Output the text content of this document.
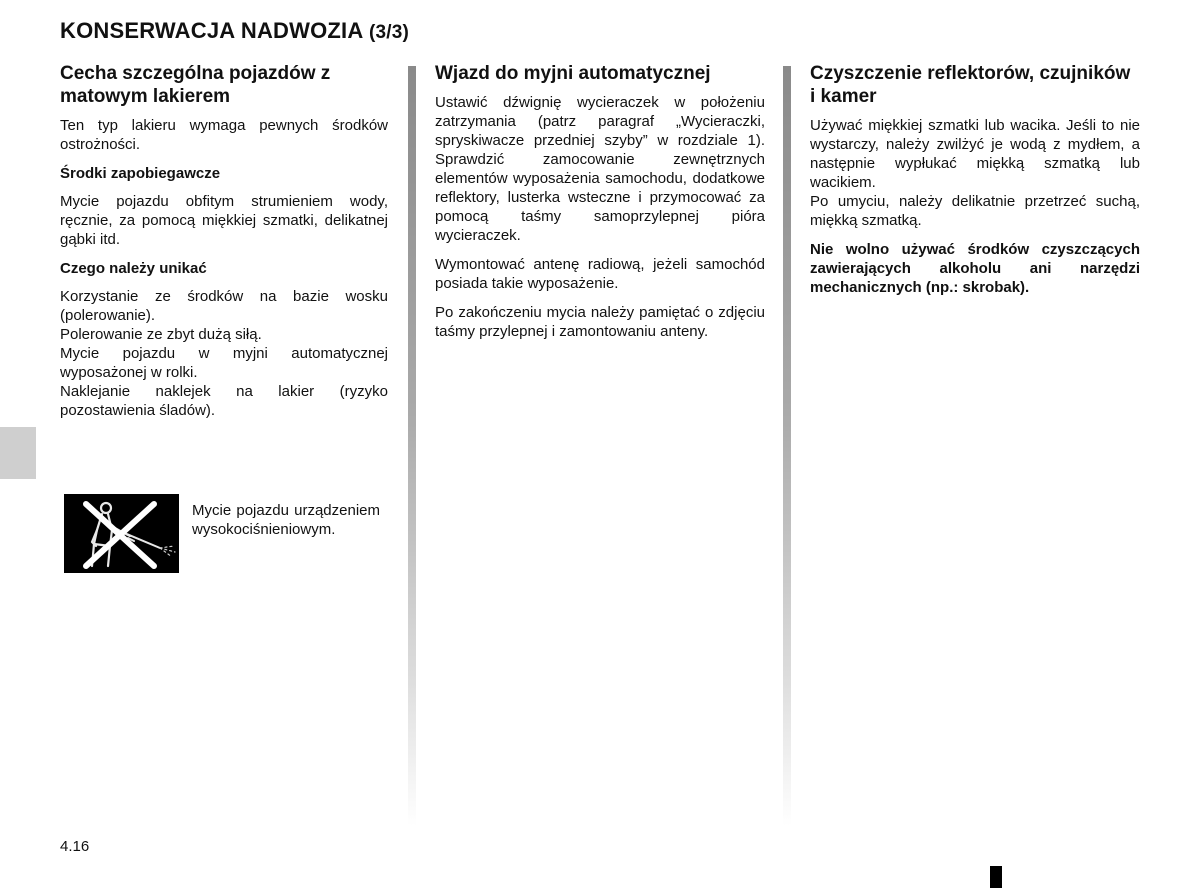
KONSERWACJA NADWOZIA (3/3)
Cecha szczególna pojazdów z matowym lakierem

Ten typ lakieru wymaga pewnych środków ostrożności.

Środki zapobiegawcze

Mycie pojazdu obfitym strumieniem wody, ręcznie, za pomocą miękkiej szmatki, delikatnej gąbki itd.

Czego należy unikać

Korzystanie ze środków na bazie wosku (polerowanie).

Polerowanie ze zbyt dużą siłą.

Mycie pojazdu w myjni automatycznej wyposażonej w rolki.

Naklejanie naklejek na lakier (ryzyko pozostawienia śladów).

Mycie pojazdu urządzeniem wysokociśnieniowym.
Wjazd do myjni automatycznej

Ustawić dźwignię wycieraczek w położeniu zatrzymania (patrz paragraf „Wycieraczki, spryskiwacze przedniej szyby” w rozdziale 1). Sprawdzić zamocowanie zewnętrznych elementów wyposażenia samochodu, dodatkowe reflektory, lusterka wsteczne i przymocować za pomocą taśmy samoprzylepnej pióra wycieraczek.

Wymontować antenę radiową, jeżeli samochód posiada takie wyposażenie.

Po zakończeniu mycia należy pamiętać o zdjęciu taśmy przylepnej i zamontowaniu anteny.

Czyszczenie reflektorów, czujników i kamer

Używać miękkiej szmatki lub wacika. Jeśli to nie wystarczy, należy zwilżyć je wodą z mydłem, a następnie wypłukać miękką szmatką lub wacikiem.

Po umyciu, należy delikatnie przetrzeć suchą, miękką szmatką.

Nie wolno używać środków czyszczących zawierających alkoholu ani narzędzi mechanicznych (np.: skrobak).

4.16
